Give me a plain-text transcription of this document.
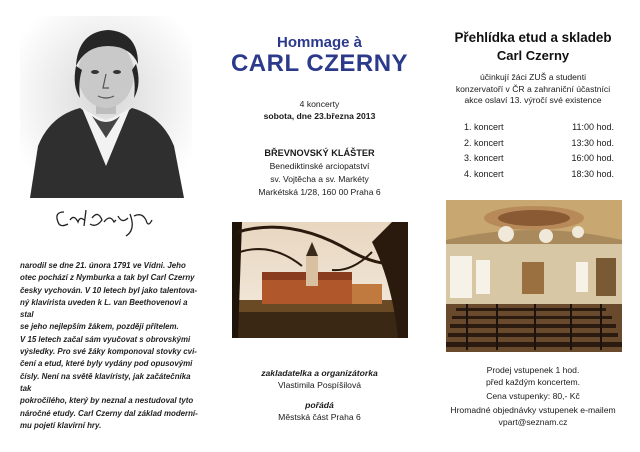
narodil se dne 21. února 1791 ve Vídni. Jeho

otec pochází z Nymburka a tak byl Carl Czerny

česky vychován. V 10 letech byl jako talentova-

ný klavírista uveden k L. van Beethovenovi a stal

se jeho nejlepším žákem, později přítelem.

V 15 letech začal sám vyučovat s obrovskými

výsledky. Pro své žáky komponoval stovky cvi-

čení a etud, které byly vydány pod opusovými

čísly. Není na světě klavíristy, jak začátečníka tak

pokročilého, který by neznal a nestudoval tyto

náročné etudy. Carl Czerny dal základ moderní-

mu pojetí klavírní hry.

Hommage à
CARL CZERNY
4 koncerty
sobota, dne 23.března 2013
BŘEVNOVSKÝ KLÁŠTER
Benediktinské arciopatství
sv. Vojtěcha a sv. Markéty
Markétská 1/28, 160 00 Praha 6
zakladatelka a organizátorka
Vlastimila Pospíšilová
pořádá
Městská část Praha 6
Přehlídka etud a skladeb
Carl Czerny
účinkují žáci ZUŠ a studenti
konzervatoří v ČR a zahraniční účastníci
akce oslaví 13. výročí své existence
1. koncert	11:00 hod.
2. koncert	13:30 hod.
3. koncert	16:00 hod.
4. koncert	18:30 hod.
Prodej vstupenek 1 hod.
před každým koncertem.
Cena vstupenky: 80,- Kč
Hromadné objednávky vstupenek e-mailem
vpart@seznam.cz
